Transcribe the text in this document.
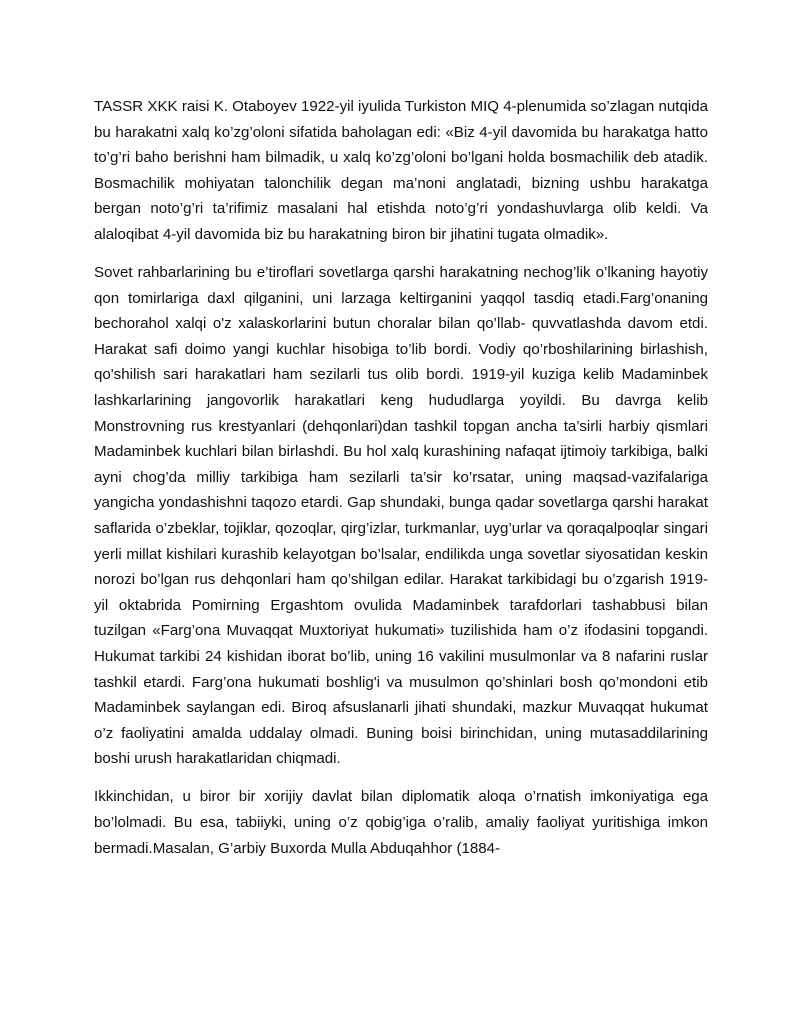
TASSR XKK raisi K. Otaboyev 1922-yil iyulida Turkiston MIQ 4-plenumida so’zlagan nutqida bu harakatni xalq ko’zg’oloni sifatida baholagan edi: «Biz 4-yil davomida bu harakatga hatto to’g’ri baho berishni ham bilmadik, u xalq ko’zg’oloni bo’lgani holda bosmachilik deb atadik. Bosmachilik mohiyatan talonchilik degan ma’noni anglatadi, bizning ushbu harakatga bergan noto’g’ri ta’rifimiz masalani hal etishda noto’g’ri yondashuvlarga olib keldi. Va alaloqibat 4-yil davomida biz bu harakatning biron bir jihatini tugata olmadik».

Sovet rahbarlarining bu e’tiroflari sovetlarga qarshi harakatning nechog’lik o’lkaning hayotiy qon tomirlariga daxl qilganini, uni larzaga keltirganini yaqqol tasdiq etadi.Farg’onaning bechorahol xalqi o'z xalaskorlarini butun choralar bilan qo’llab- quvvatlashda davom etdi. Harakat safi doimo yangi kuchlar hisobiga to’lib bordi. Vodiy qo’rboshilarining birlashish, qo'shilish sari harakatlari ham sezilarli tus olib bordi. 1919-yil kuziga kelib Madaminbek lashkarlarining jangovorlik harakatlari keng hududlarga yoyildi. Bu davrga kelib Monstrovning rus krestyanlari (dehqonlari)dan tashkil topgan ancha ta’sirli harbiy qismlari Madaminbek kuchlari bilan birlashdi. Bu hol xalq kurashining nafaqat ijtimoiy tarkibiga, balki ayni chog’da milliy tarkibiga ham sezilarli ta’sir ko’rsatar, uning maqsad-vazifalariga yangicha yondashishni taqozo etardi. Gap shundaki, bunga qadar sovetlarga qarshi harakat saflarida o’zbeklar, tojiklar, qozoqlar, qirg’izlar, turkmanlar, uyg’urlar va qoraqalpoqlar singari yerli millat kishilari kurashib kelayotgan bo’lsalar, endilikda unga sovetlar siyosatidan keskin norozi bo’lgan rus dehqonlari ham qo’shilgan edilar. Harakat tarkibidagi bu o’zgarish 1919-yil oktabrida Pomirning Ergashtom ovulida Madaminbek tarafdorlari tashabbusi bilan tuzilgan «Farg’ona Muvaqqat Muxtoriyat hukumati» tuzilishida ham o’z ifodasini topgandi. Hukumat tarkibi 24 kishidan iborat bo’lib, uning 16 vakilini musulmonlar va 8 nafarini ruslar tashkil etardi. Farg’ona hukumati boshlig'i va musulmon qo’shinlari bosh qo’mondoni etib Madaminbek saylangan edi. Biroq afsuslanarli jihati shundaki, mazkur Muvaqqat hukumat o’z faoliyatini amalda uddalay olmadi. Buning boisi birinchidan, uning mutasaddilarining boshi urush harakatlaridan chiqmadi.

Ikkinchidan, u biror bir xorijiy davlat bilan diplomatik aloqa o’rnatish imkoniyatiga ega bo’lolmadi. Bu esa, tabiiyki, uning o’z qobig’iga o’ralib, amaliy faoliyat yuritishiga imkon bermadi.Masalan, G’arbiy Buxorda Mulla Abduqahhor (1884-
